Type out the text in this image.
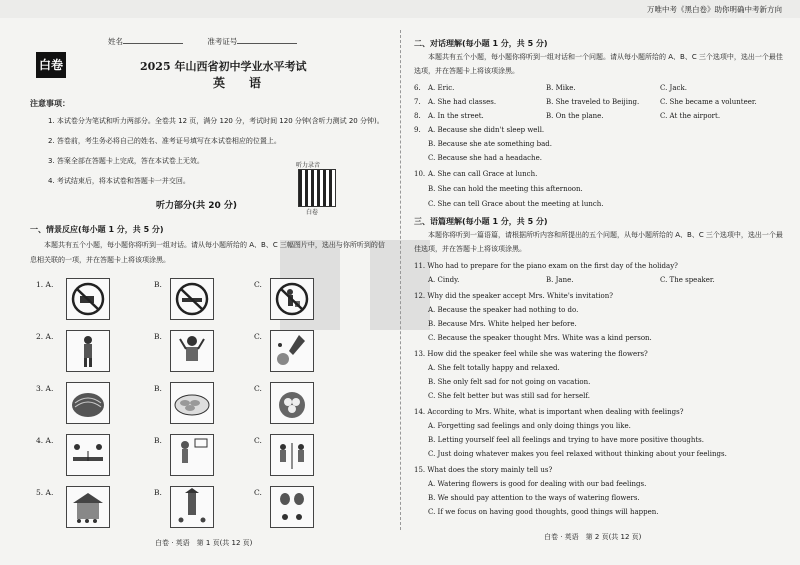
万唯中考《黑白卷》助你明确中考新方向
姓名	准考证号
白卷	2025 年山西省初中学业水平考试
英　语
注意事项：
1. 本试卷分为笔试和听力两部分。全卷共 12 页，满分 120 分，考试时间 120 分钟(含听力测试 20 分钟)。
2. 答卷前，考生务必将自己的姓名、准考证号填写在本试卷相应的位置上。
3. 答案全部在答题卡上完成，答在本试卷上无效。
4. 考试结束后，将本试卷和答题卡一并交回。
听力录音
白卷
听力部分(共 20 分)
一、情景反应(每小题 1 分，共 5 分)
本题共有五个小题，每小题你将听到一组对话。请从每小题所给的 A、B、C 三幅图片中，选出与你所听到的信息相关联的一项，并在答题卡上将该项涂黑。
1. A.	B.	C.
2. A.	B.	C.
3. A.	B.	C.
4. A.	B.	C.
5. A.	B.	C.
白卷 · 英语　第 1 页(共 12 页)
二、对话理解(每小题 1 分，共 5 分)
本题共有五个小题，每小题你将听到一组对话和一个问题。请从每小题所给的 A、B、C 三个选项中，选出一个最佳选项，并在答题卡上将该项涂黑。
6. A. Eric.	B. Mike.	C. Jack.
7. A. She had classes.	B. She traveled to Beijing.	C. She became a volunteer.
8. A. In the street.	B. On the plane.	C. At the airport.
9. A. Because she didn't sleep well.
B. Because she ate something bad.
C. Because she had a headache.
10. A. She can call Grace at lunch.
B. She can hold the meeting this afternoon.
C. She can tell Grace about the meeting at lunch.
三、语篇理解(每小题 1 分，共 5 分)
本题你将听到一篇语篇，请根据所听内容和所提出的五个问题，从每小题所给的 A、B、C 三个选项中，选出一个最佳选项，并在答题卡上将该项涂黑。
11. Who had to prepare for the piano exam on the first day of the holiday?
A. Cindy.	B. Jane.	C. The speaker.
12. Why did the speaker accept Mrs. White's invitation?
A. Because the speaker had nothing to do.
B. Because Mrs. White helped her before.
C. Because the speaker thought Mrs. White was a kind person.
13. How did the speaker feel while she was watering the flowers?
A. She felt totally happy and relaxed.
B. She only felt sad for not going on vacation.
C. She felt better but was still sad for herself.
14. According to Mrs. White, what is important when dealing with feelings?
A. Forgetting sad feelings and only doing things you like.
B. Letting yourself feel all feelings and trying to have more positive thoughts.
C. Just doing whatever makes you feel relaxed without thinking about your feelings.
15. What does the story mainly tell us?
A. Watering flowers is good for dealing with our bad feelings.
B. We should pay attention to the ways of watering flowers.
C. If we focus on having good thoughts, good things will happen.
白卷 · 英语　第 2 页(共 12 页)
